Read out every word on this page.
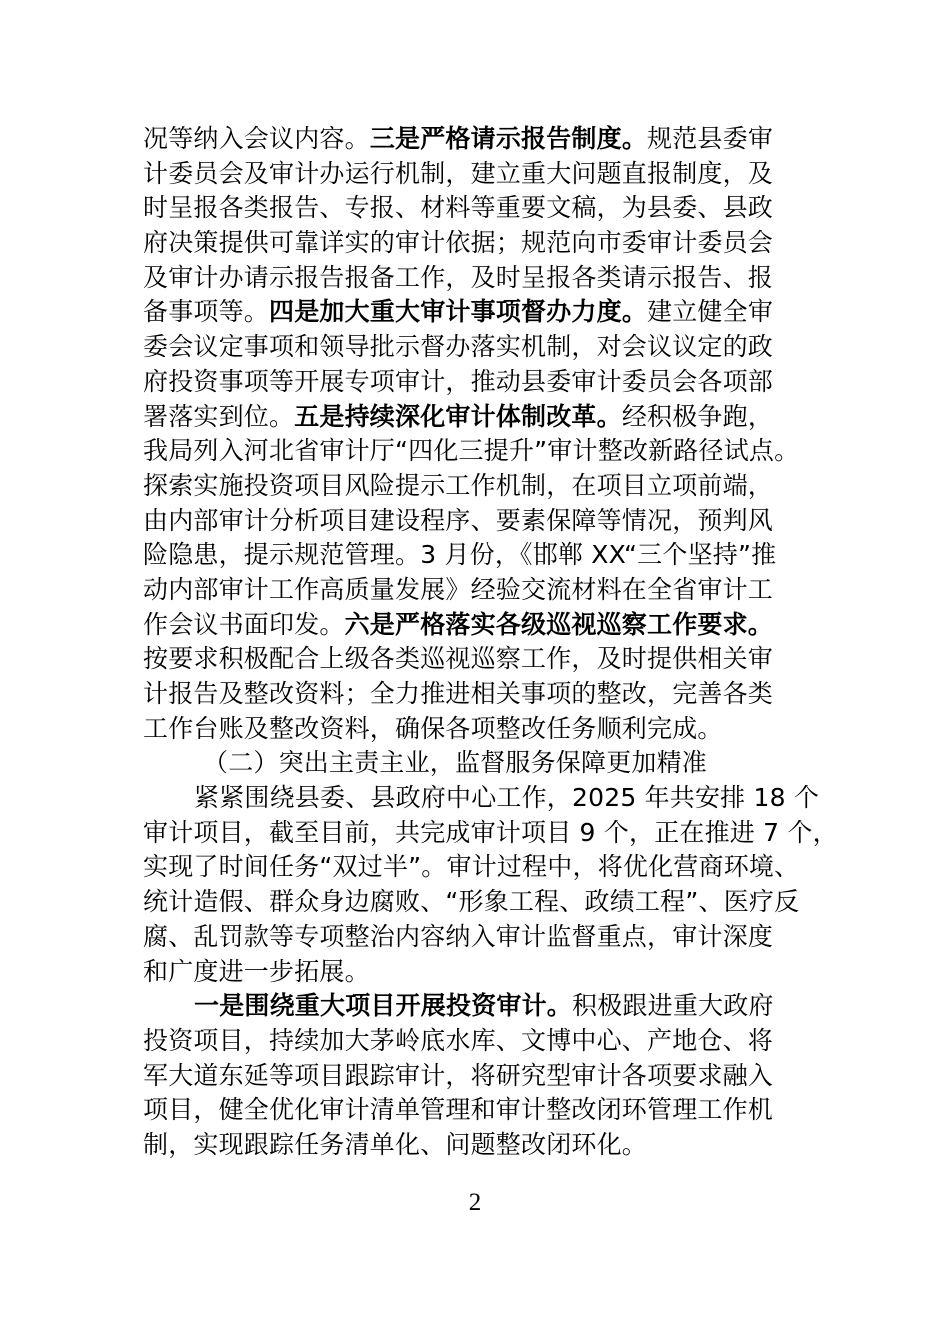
况等纳入会议内容。三是严格请示报告制度。规范县委审
计委员会及审计办运行机制，建立重大问题直报制度，及
时呈报各类报告、专报、材料等重要文稿，为县委、县政
府决策提供可靠详实的审计依据；规范向市委审计委员会
及审计办请示报告报备工作，及时呈报各类请示报告、报
备事项等。四是加大重大审计事项督办力度。建立健全审
委会议定事项和领导批示督办落实机制，对会议议定的政
府投资事项等开展专项审计，推动县委审计委员会各项部
署落实到位。五是持续深化审计体制改革。经积极争跑，
我局列入河北省审计厅“四化三提升”审计整改新路径试点。
探索实施投资项目风险提示工作机制，在项目立项前端，
由内部审计分析项目建设程序、要素保障等情况，预判风
险隐患，提示规范管理。3 月份，《邯郸 XX“三个坚持”推
动内部审计工作高质量发展》经验交流材料在全省审计工
作会议书面印发。六是严格落实各级巡视巡察工作要求。
按要求积极配合上级各类巡视巡察工作，及时提供相关审
计报告及整改资料；全力推进相关事项的整改，完善各类
工作台账及整改资料，确保各项整改任务顺利完成。
（二）突出主责主业，监督服务保障更加精准
紧紧围绕县委、县政府中心工作，2025 年共安排 18 个
审计项目，截至目前，共完成审计项目 9 个，正在推进 7 个，
实现了时间任务“双过半”。审计过程中，将优化营商环境、
统计造假、群众身边腐败、“形象工程、政绩工程”、医疗反
腐、乱罚款等专项整治内容纳入审计监督重点，审计深度
和广度进一步拓展。
一是围绕重大项目开展投资审计。积极跟进重大政府
投资项目，持续加大茅岭底水库、文博中心、产地仓、将
军大道东延等项目跟踪审计，将研究型审计各项要求融入
项目，健全优化审计清单管理和审计整改闭环管理工作机
制，实现跟踪任务清单化、问题整改闭环化。
2
